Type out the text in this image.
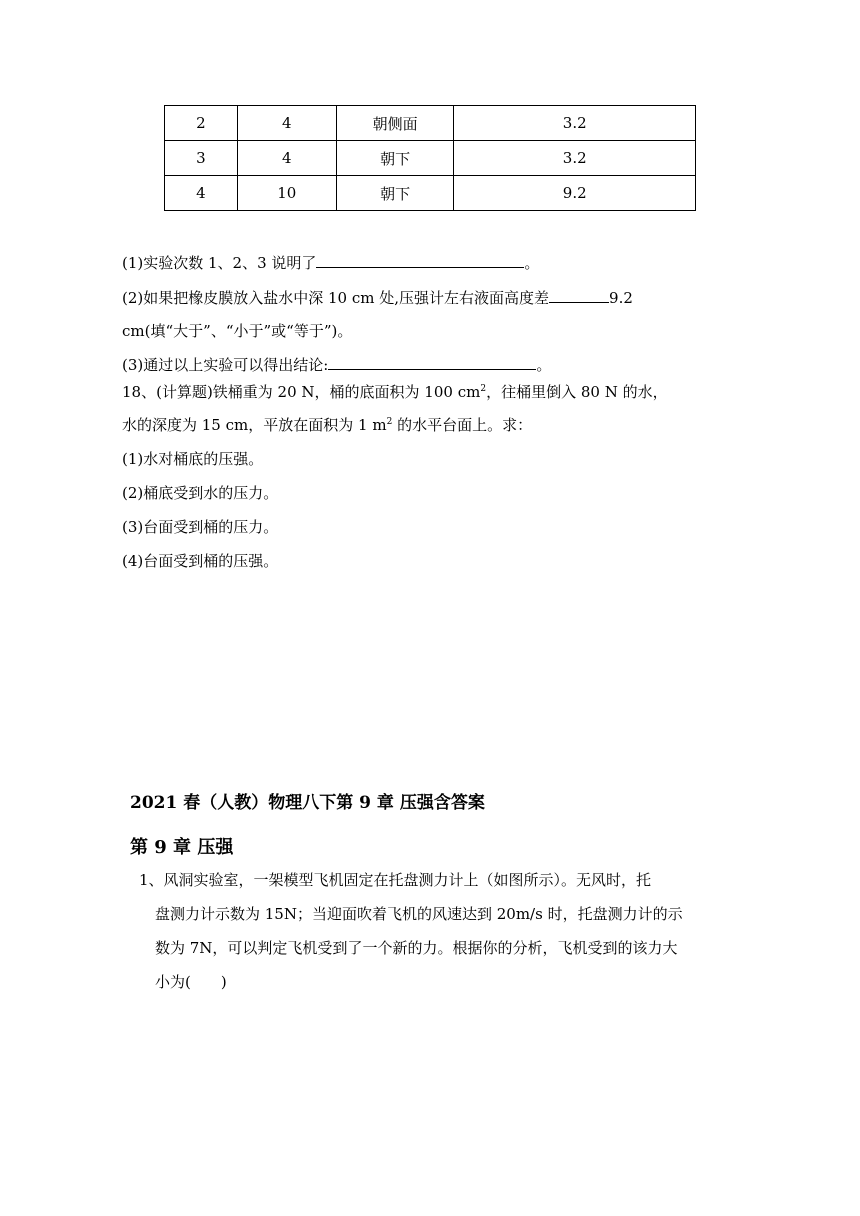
2	4	朝侧面	3.2
3	4	朝下	3.2
4	10	朝下	9.2
(1)实验次数 1、2、3 说明了	。
(2)如果把橡皮膜放入盐水中深 10 cm 处,压强计左右液面高度差	9.2
cm(填“大于”、“小于”或“等于”)。
(3)通过以上实验可以得出结论:	。
18、(计算题)铁桶重为 20 N，桶的底面积为 100 $cm^2$，往桶里倒入 80 N 的水，
水的深度为 15 cm，平放在面积为 1 $m^2$ 的水平台面上。求：
(1)水对桶底的压强。
(2)桶底受到水的压力。
(3)台面受到桶的压力。
(4)台面受到桶的压强。
2021 春（人教）物理八下第 9 章 压强含答案
第 9 章 压强
1、风洞实验室，一架模型飞机固定在托盘测力计上（如图所示）。无风时，托
盘测力计示数为 15N；当迎面吹着飞机的风速达到 20m/s 时，托盘测力计的示
数为 7N，可以判定飞机受到了一个新的力。根据你的分析，飞机受到的该力大
小为(　　)
